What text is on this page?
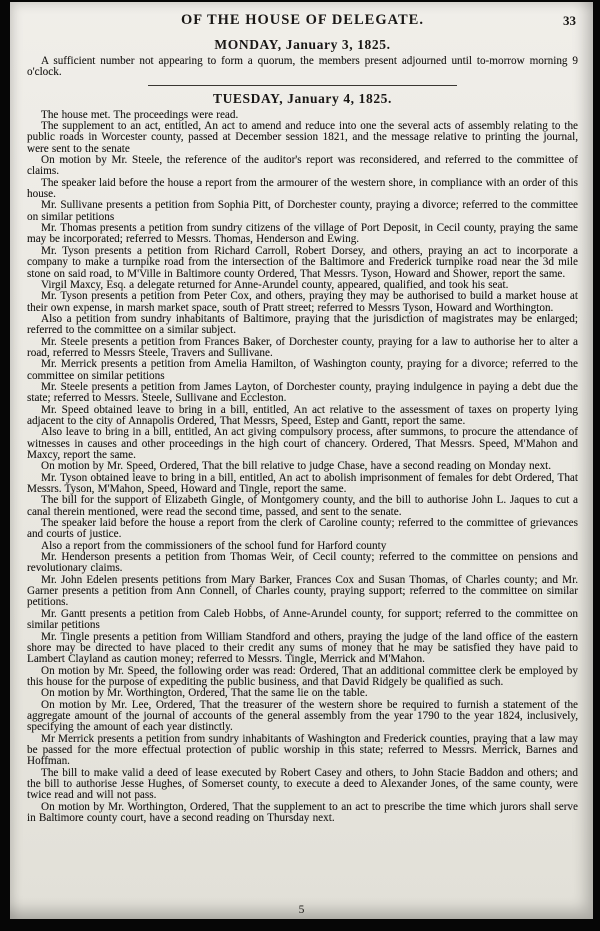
OF THE HOUSE OF DELEGATE.	33
MONDAY, January 3, 1825.

A sufficient number not appearing to form a quorum, the members present adjourned until to-morrow morning 9 o'clock.

TUESDAY, January 4, 1825.

The house met. The proceedings were read.

The supplement to an act, entitled, An act to amend and reduce into one the several acts of assembly relating to the public roads in Worcester county, passed at December session 1821, and the message relative to printing the journal, were sent to the senate

On motion by Mr. Steele, the reference of the auditor's report was reconsidered, and referred to the committee of claims.

The speaker laid before the house a report from the armourer of the western shore, in compliance with an order of this house.

Mr. Sullivane presents a petition from Sophia Pitt, of Dorchester county, praying a divorce; referred to the committee on similar petitions

Mr. Thomas presents a petition from sundry citizens of the village of Port Deposit, in Cecil county, praying the same may be incorporated; referred to Messrs. Thomas, Henderson and Ewing.

Mr. Tyson presents a petition from Richard Carroll, Robert Dorsey, and others, praying an act to incorporate a company to make a turnpike road from the intersection of the Baltimore and Frederick turnpike road near the 3d mile stone on said road, to M'Ville in Baltimore county Ordered, That Messrs. Tyson, Howard and Shower, report the same.

Virgil Maxcy, Esq. a delegate returned for Anne-Arundel county, appeared, qualified, and took his seat.

Mr. Tyson presents a petition from Peter Cox, and others, praying they may be authorised to build a market house at their own expense, in marsh market space, south of Pratt street; referred to Messrs Tyson, Howard and Worthington.

Also a petition from sundry inhabitants of Baltimore, praying that the jurisdiction of magistrates may be enlarged; referred to the committee on a similar subject.

Mr. Steele presents a petition from Frances Baker, of Dorchester county, praying for a law to authorise her to alter a road, referred to Messrs Steele, Travers and Sullivane.

Mr. Merrick presents a petition from Amelia Hamilton, of Washington county, praying for a divorce; referred to the committee on similar petitions

Mr. Steele presents a petition from James Layton, of Dorchester county, praying indulgence in paying a debt due the state; referred to Messrs. Steele, Sullivane and Eccleston.

Mr. Speed obtained leave to bring in a bill, entitled, An act relative to the assessment of taxes on property lying adjacent to the city of Annapolis Ordered, That Messrs, Speed, Estep and Gantt, report the same.

Also leave to bring in a bill, entitled, An act giving compulsory process, after summons, to procure the attendance of witnesses in causes and other proceedings in the high court of chancery. Ordered, That Messrs. Speed, M'Mahon and Maxcy, report the same.

On motion by Mr. Speed, Ordered, That the bill relative to judge Chase, have a second reading on Monday next.

Mr. Tyson obtained leave to bring in a bill, entitled, An act to abolish imprisonment of females for debt Ordered, That Messrs. Tyson, M'Mahon, Speed, Howard and Tingle, report the same.

The bill for the support of Elizabeth Gingle, of Montgomery county, and the bill to authorise John L. Jaques to cut a canal therein mentioned, were read the second time, passed, and sent to the senate.

The speaker laid before the house a report from the clerk of Caroline county; referred to the committee of grievances and courts of justice.

Also a report from the commissioners of the school fund for Harford county

Mr. Henderson presents a petition from Thomas Weir, of Cecil county; referred to the committee on pensions and revolutionary claims.

Mr. John Edelen presents petitions from Mary Barker, Frances Cox and Susan Thomas, of Charles county; and Mr. Garner presents a petition from Ann Connell, of Charles county, praying support; referred to the committee on similar petitions.

Mr. Gantt presents a petition from Caleb Hobbs, of Anne-Arundel county, for support; referred to the committee on similar petitions

Mr. Tingle presents a petition from William Standford and others, praying the judge of the land office of the eastern shore may be directed to have placed to their credit any sums of money that he may be satisfied they have paid to Lambert Clayland as caution money; referred to Messrs. Tingle, Merrick and M'Mahon.

On motion by Mr. Speed, the following order was read: Ordered, That an additional committee clerk be employed by this house for the purpose of expediting the public business, and that David Ridgely be qualified as such.

On motion by Mr. Worthington, Ordered, That the same lie on the table.

On motion by Mr. Lee, Ordered, That the treasurer of the western shore be required to furnish a statement of the aggregate amount of the journal of accounts of the general assembly from the year 1790 to the year 1824, inclusively, specifying the amount of each year distinctly.

Mr Merrick presents a petition from sundry inhabitants of Washington and Frederick counties, praying that a law may be passed for the more effectual protection of public worship in this state; referred to Messrs. Merrick, Barnes and Hoffman.

The bill to make valid a deed of lease executed by Robert Casey and others, to John Stacie Baddon and others; and the bill to authorise Jesse Hughes, of Somerset county, to execute a deed to Alexander Jones, of the same county, were twice read and will not pass.

On motion by Mr. Worthington, Ordered, That the supplement to an act to prescribe the time which jurors shall serve in Baltimore county court, have a second reading on Thursday next.

5
